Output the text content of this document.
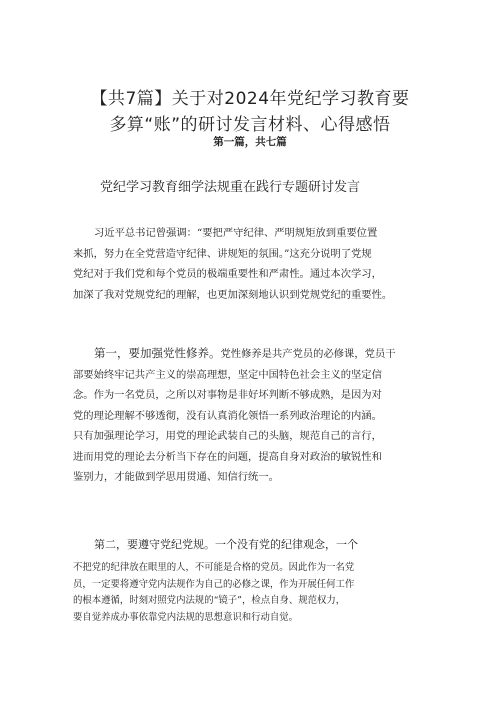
【共7篇】关于对2024年党纪学习教育要
多算“账”的研讨发言材料、心得感悟

第一篇，共七篇

党纪学习教育细学法规重在践行专题研讨发言
习近平总书记曾强调：“要把严守纪律、严明规矩放到重要位置
来抓，努力在全党营造守纪律、讲规矩的氛围。”这充分说明了党规
党纪对于我们党和每个党员的极端重要性和严肃性。通过本次学习，
加深了我对党规党纪的理解，也更加深刻地认识到党规党纪的重要性。
第一，要加强党性修养。党性修养是共产党员的必修课，党员干
部要始终牢记共产主义的崇高理想，坚定中国特色社会主义的坚定信
念。作为一名党员，之所以对事物是非好坏判断不够成熟，是因为对
党的理论理解不够透彻，没有认真消化领悟一系列政治理论的内涵。
只有加强理论学习，用党的理论武装自己的头脑，规范自己的言行，
进而用党的理论去分析当下存在的问题，提高自身对政治的敏锐性和
鉴别力，才能做到学思用贯通、知信行统一。

第二，要遵守党纪党规。一个没有党的纪律观念，一个

不把党的纪律放在眼里的人，不可能是合格的党员。因此作为一名党
员，一定要将遵守党内法规作为自己的必修之课，作为开展任何工作
的根本遵循，时刻对照党内法规的“镜子”，检点自身、规范权力，
要自觉养成办事依靠党内法规的思想意识和行动自觉。
